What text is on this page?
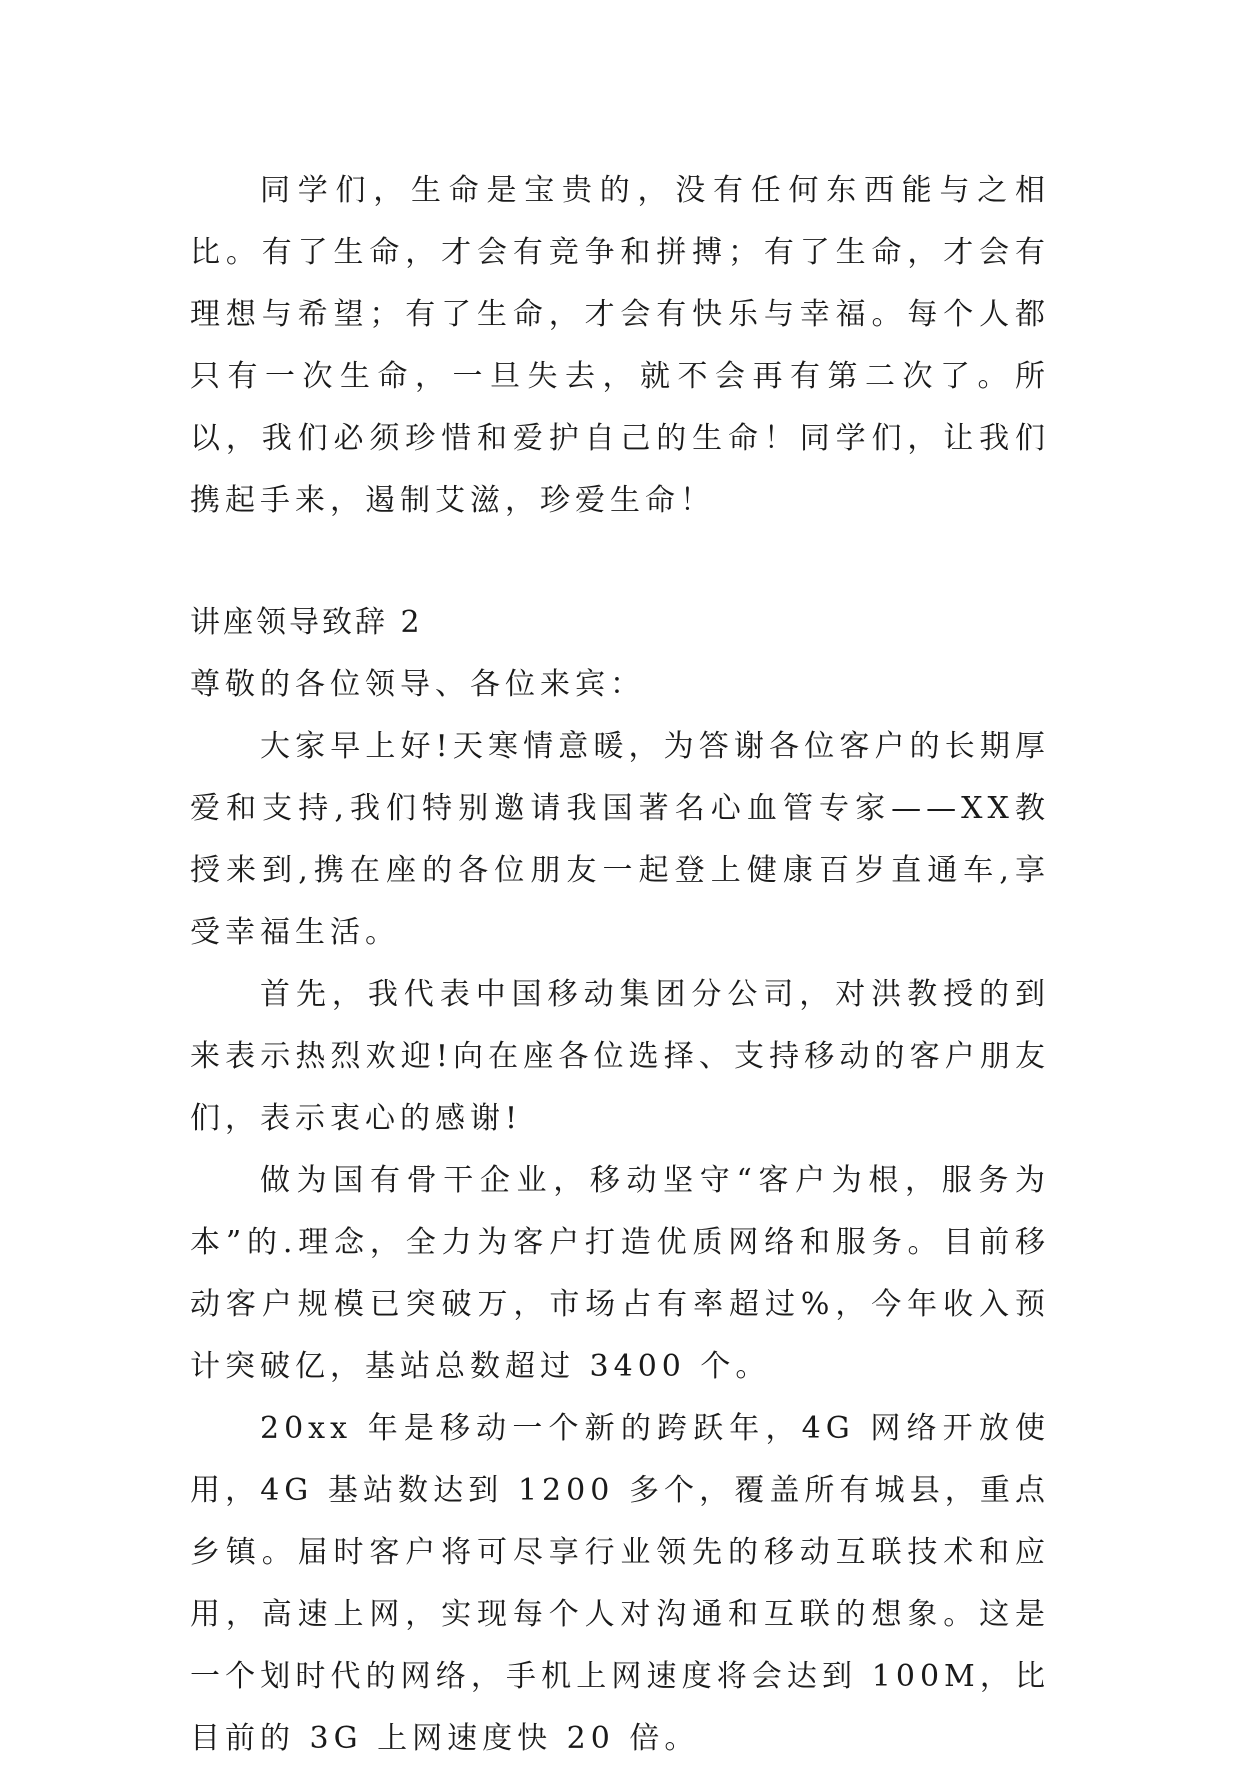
同学们，生命是宝贵的，没有任何东西能与之相比。有了生命，才会有竞争和拼搏；有了生命，才会有理想与希望；有了生命，才会有快乐与幸福。每个人都只有一次生命，一旦失去，就不会再有第二次了。所以，我们必须珍惜和爱护自己的生命！同学们，让我们携起手来，遏制艾滋，珍爱生命！

讲座领导致辞 2

尊敬的各位领导、各位来宾：

大家早上好!天寒情意暖，为答谢各位客户的长期厚爱和支持,我们特别邀请我国著名心血管专家——XX教授来到,携在座的各位朋友一起登上健康百岁直通车,享受幸福生活。

首先，我代表中国移动集团分公司，对洪教授的到来表示热烈欢迎!向在座各位选择、支持移动的客户朋友们，表示衷心的感谢!

做为国有骨干企业，移动坚守“客户为根，服务为本”的.理念，全力为客户打造优质网络和服务。目前移动客户规模已突破万，市场占有率超过%，今年收入预计突破亿，基站总数超过 3400 个。

20xx 年是移动一个新的跨跃年，4G 网络开放使用，4G 基站数达到 1200 多个，覆盖所有城县，重点乡镇。届时客户将可尽享行业领先的移动互联技术和应用，高速上网，实现每个人对沟通和互联的想象。这是一个划时代的网络，手机上网速度将会达到 100M，比目前的 3G 上网速度快 20 倍。
